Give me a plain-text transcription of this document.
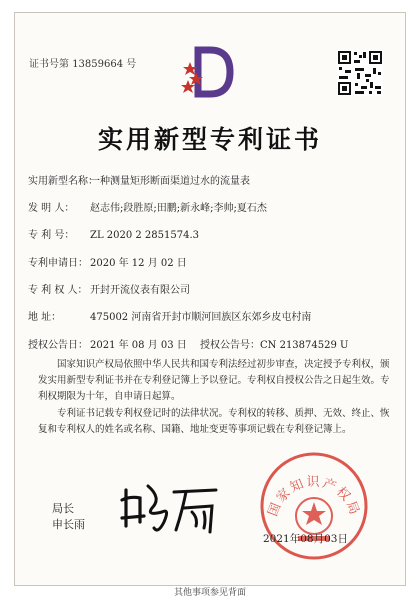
证书号第 13859664 号
实用新型专利证书
实用新型名称：一种测量矩形断面渠道过水的流量表
发 明 人： 赵志伟;段胜原;田鹏;新永峰;李帅;夏石杰
专 利 号： ZL 2020 2 2851574.3
专利申请日： 2020 年 12 月 02 日
专 利 权 人： 开封开流仪表有限公司
地 址：	475002 河南省开封市顺河回族区东郊乡皮屯村南
授权公告日： 2021 年 08 月 03 日 授权公告号：CN 213874529 U

国家知识产权局依照中华人民共和国专利法经过初步审查，决定授予专利权，颁发实用新型专利证书并在专利登记簿上予以登记。专利权自授权公告之日起生效。专利权期限为十年，自申请日起算。

专利证书记载专利权登记时的法律状况。专利权的转移、质押、无效、终止、恢复和专利权人的姓名或名称、国籍、地址变更等事项记载在专利登记簿上。

国家知识产权局
局长
申长雨
2021年08月03日
其他事项参见背面
